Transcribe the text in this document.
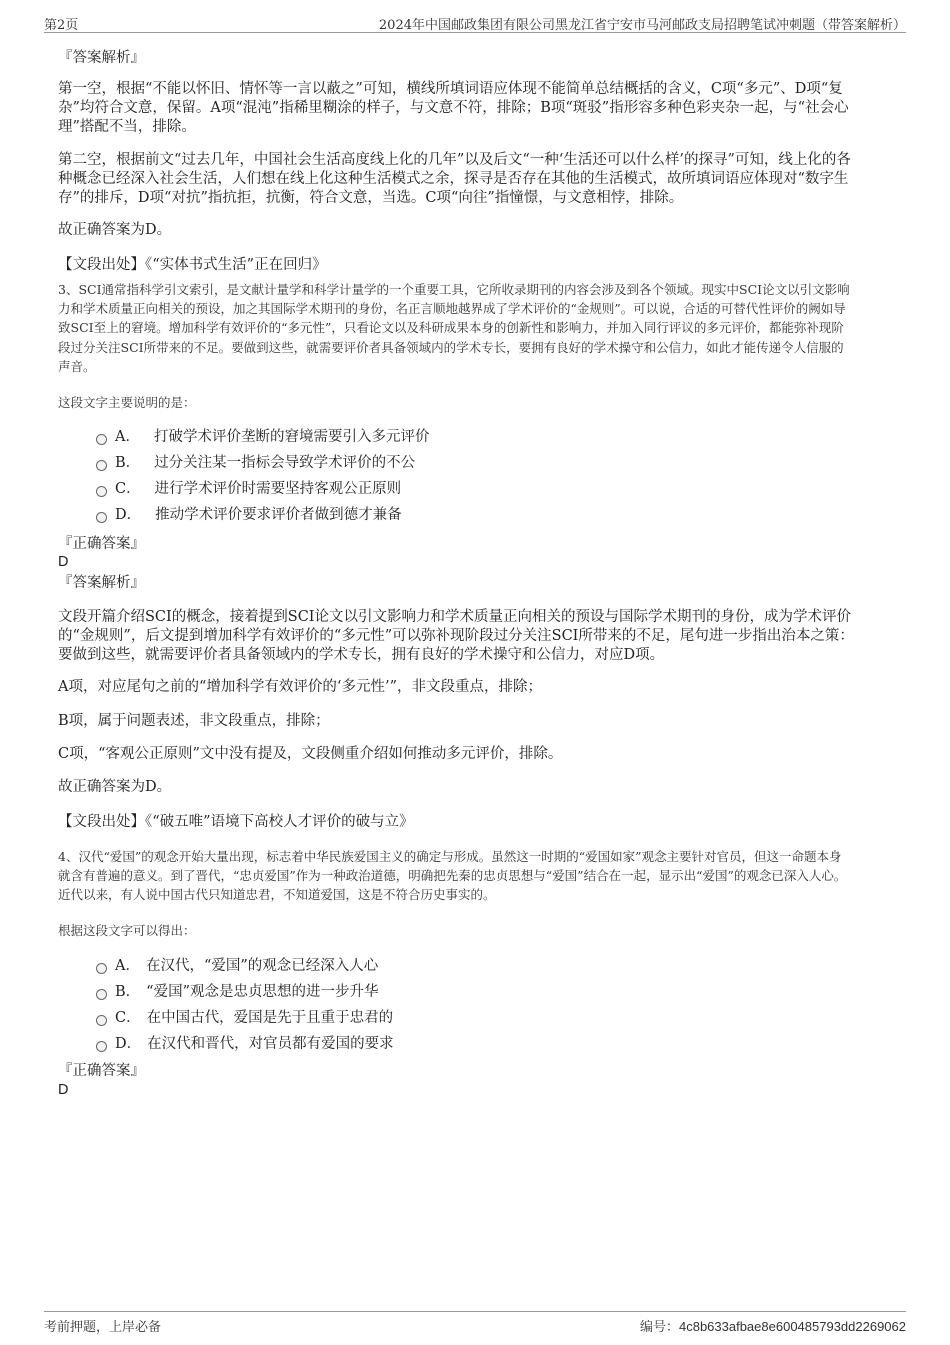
第2页	2024年中国邮政集团有限公司黑龙江省宁安市马河邮政支局招聘笔试冲刺题（带答案解析）
『答案解析』
第一空，根据“不能以怀旧、情怀等一言以蔽之”可知，横线所填词语应体现不能简单总结概括的含义，C项“多元”、D项“复
杂”均符合文意，保留。A项“混沌”指稀里糊涂的样子，与文意不符，排除；B项“斑驳”指形容多种色彩夹杂一起，与“社会心
理”搭配不当，排除。
第二空，根据前文“过去几年，中国社会生活高度线上化的几年”以及后文“一种‘生活还可以什么样’的探寻”可知，线上化的各
种概念已经深入社会生活，人们想在线上化这种生活模式之余，探寻是否存在其他的生活模式，故所填词语应体现对“数字生
存”的排斥，D项“对抗”指抗拒，抗衡，符合文意，当选。C项“向往”指憧憬，与文意相悖，排除。
故正确答案为D。
【文段出处】《“实体书式生活”正在回归》
3、SCI通常指科学引文索引，是文献计量学和科学计量学的一个重要工具，它所收录期刊的内容会涉及到各个领域。现实中SCI论文以引文影响
力和学术质量正向相关的预设，加之其国际学术期刊的身份，名正言顺地越界成了学术评价的“金规则”。可以说，合适的可替代性评价的阙如导
致SCI至上的窘境。增加科学有效评价的“多元性”，只看论文以及科研成果本身的创新性和影响力，并加入同行评议的多元评价，都能弥补现阶
段过分关注SCI所带来的不足。要做到这些，就需要评价者具备领域内的学术专长，要拥有良好的学术操守和公信力，如此才能传递令人信服的
声音。
这段文字主要说明的是：
A． 打破学术评价垄断的窘境需要引入多元评价
B． 过分关注某一指标会导致学术评价的不公
C． 进行学术评价时需要坚持客观公正原则
D． 推动学术评价要求评价者做到德才兼备
『正确答案』
D
『答案解析』
文段开篇介绍SCI的概念，接着提到SCI论文以引文影响力和学术质量正向相关的预设与国际学术期刊的身份，成为学术评价
的“金规则”，后文提到增加科学有效评价的“多元性”可以弥补现阶段过分关注SCI所带来的不足，尾句进一步指出治本之策：
要做到这些，就需要评价者具备领域内的学术专长，拥有良好的学术操守和公信力，对应D项。
A项，对应尾句之前的“增加科学有效评价的‘多元性’”，非文段重点，排除；
B项，属于问题表述，非文段重点，排除；
C项，“客观公正原则”文中没有提及，文段侧重介绍如何推动多元评价，排除。
故正确答案为D。
【文段出处】《“破五唯”语境下高校人才评价的破与立》
4、汉代“爱国”的观念开始大量出现，标志着中华民族爱国主义的确定与形成。虽然这一时期的“爱国如家”观念主要针对官员，但这一命题本身
就含有普遍的意义。到了晋代，“忠贞爱国”作为一种政治道德，明确把先秦的忠贞思想与“爱国”结合在一起，显示出“爱国”的观念已深入人心。
近代以来，有人说中国古代只知道忠君，不知道爱国，这是不符合历史事实的。
根据这段文字可以得出：
A． 在汉代，“爱国”的观念已经深入人心
B． “爱国”观念是忠贞思想的进一步升华
C． 在中国古代，爱国是先于且重于忠君的
D． 在汉代和晋代，对官员都有爱国的要求
『正确答案』
D
考前押题，上岸必备	编号：4c8b633afbae8e600485793dd2269062
